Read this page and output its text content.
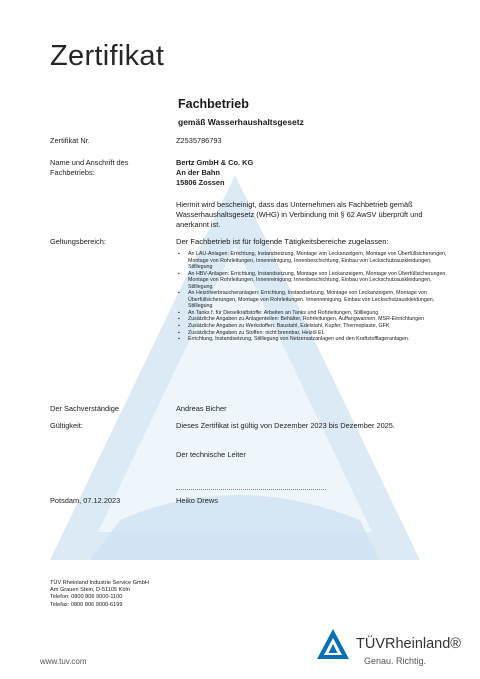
Zertifikat
Fachbetrieb
gemäß Wasserhaushaltsgesetz
Zertifikat Nr.	Z2535786793
Name und Anschrift des
Fachbetriebs:
Bertz GmbH & Co. KG
An der Bahn
15806 Zossen
Hiermit wird bescheinigt, dass das Unternehmen als Fachbetrieb gemäß Wasserhaushaltsgesetz (WHG) in Verbindung mit § 62 AwSV überprüft und anerkannt ist.
Geltungsbereich:	Der Fachbetrieb ist für folgende Tätigkeitsbereiche zugelassen:
▪ An LAU-Anlagen: Errichtung, Instandsetzung, Montage von Leckanzeigern, Montage von Überfüllsicherungen, Montage von Rohrleitungen, Innenreinigung, Innenbeschichtung, Einbau von Leckschutzauskleidungen, Stilllegung
▪ An HBV-Anlagen: Errichtung, Instandsetzung, Montage von Leckanzeigern, Montage von Überfüllsicherungen, Montage von Rohrleitungen, Innenreinigung, Innenbeschichtung, Einbau von Leckschutzauskleidungen, Stilllegung
▪ An Heizölverbraucheranlagen: Errichtung, Instandsetzung, Montage von Leckanzeigern, Montage von Überfüllsicherungen, Montage von Rohrleitungen, Innenreinigung, Einbau von Leckschutzauskleidungen, Stilllegung
▪ An Tanks f. für Dieselkraftstoffe: Arbeiten an Tanks und Rohrleitungen, Stilllegung
▪ Zusätzliche Angaben zu Anlagenteilen: Behälter, Rohrleitungen, Auffangwannen, MSR-Einrichtungen
▪ Zusätzliche Angaben zu Werkstoffen: Baustahl, Edelstahl, Kupfer, Thermoplaste, GFK
▪ Zusätzliche Angaben zu Stoffen: nicht brennbar, Heizöl EL
▪ Errichtung, Instandsetzung, Stilllegung von Netzersatzanlagen und den Kraftstofflageranlagen.
Der Sachverständige	Andreas Bicher
Gültigkeit:	Dieses Zertifikat ist gültig von Dezember 2023 bis Dezember 2025.
Der technische Leiter
Potsdam, 07.12.2023	Heiko Drews
TÜV Rheinland Industrie Service GmbH
Am Grauen Stein, D-51105 Köln
Telefon: 0800 806 9000-1100
Telefax: 0800 806 9000-6199
www.tuv.com
TÜVRheinland®
Genau. Richtig.
